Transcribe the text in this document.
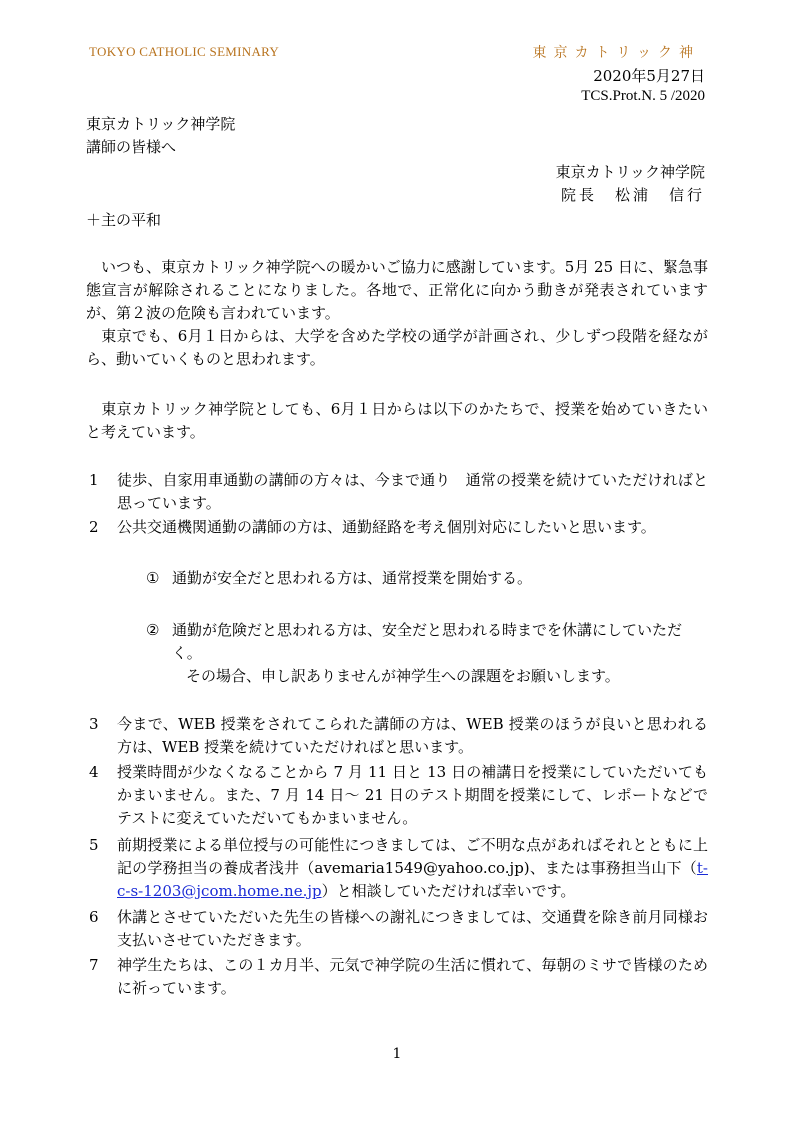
TOKYO CATHOLIC SEMINARY	東京カトリック神
2020年5月27日
TCS.Prot.N. 5 /2020
東京カトリック神学院
講師の皆様へ
東京カトリック神学院
院長　松浦　信行
＋主の平和
　いつも、東京カトリック神学院への暖かいご協力に感謝しています。5月 25 日に、緊急事態宣言が解除されることになりました。各地で、正常化に向かう動きが発表されていますが、第２波の危険も言われています。
　東京でも、6月１日からは、大学を含めた学校の通学が計画され、少しずつ段階を経ながら、動いていくものと思われます。
　東京カトリック神学院としても、6月１日からは以下のかたちで、授業を始めていきたいと考えています。
1 徒歩、自家用車通勤の講師の方々は、今まで通り　通常の授業を続けていただければと思っています。
2 公共交通機関通勤の講師の方は、通勤経路を考え個別対応にしたいと思います。
① 通勤が安全だと思われる方は、通常授業を開始する。
② 通勤が危険だと思われる方は、安全だと思われる時までを休講にしていただく。
その場合、申し訳ありませんが神学生への課題をお願いします。
3 今まで、WEB 授業をされてこられた講師の方は、WEB 授業のほうが良いと思われる方は、WEB 授業を続けていただければと思います。
4 授業時間が少なくなることから 7 月 11 日と 13 日の補講日を授業にしていただいてもかまいません。また、7 月 14 日～ 21 日のテスト期間を授業にして、レポートなどでテストに変えていただいてもかまいません。
5 前期授業による単位授与の可能性につきましては、ご不明な点があればそれとともに上記の学務担当の養成者浅井（avemaria1549@yahoo.co.jp)、または事務担当山下（t-c-s-1203@jcom.home.ne.jp）と相談していただければ幸いです。
6 休講とさせていただいた先生の皆様への謝礼につきましては、交通費を除き前月同様お支払いさせていただきます。
7 神学生たちは、この１カ月半、元気で神学院の生活に慣れて、毎朝のミサで皆様のために祈っています。
1
